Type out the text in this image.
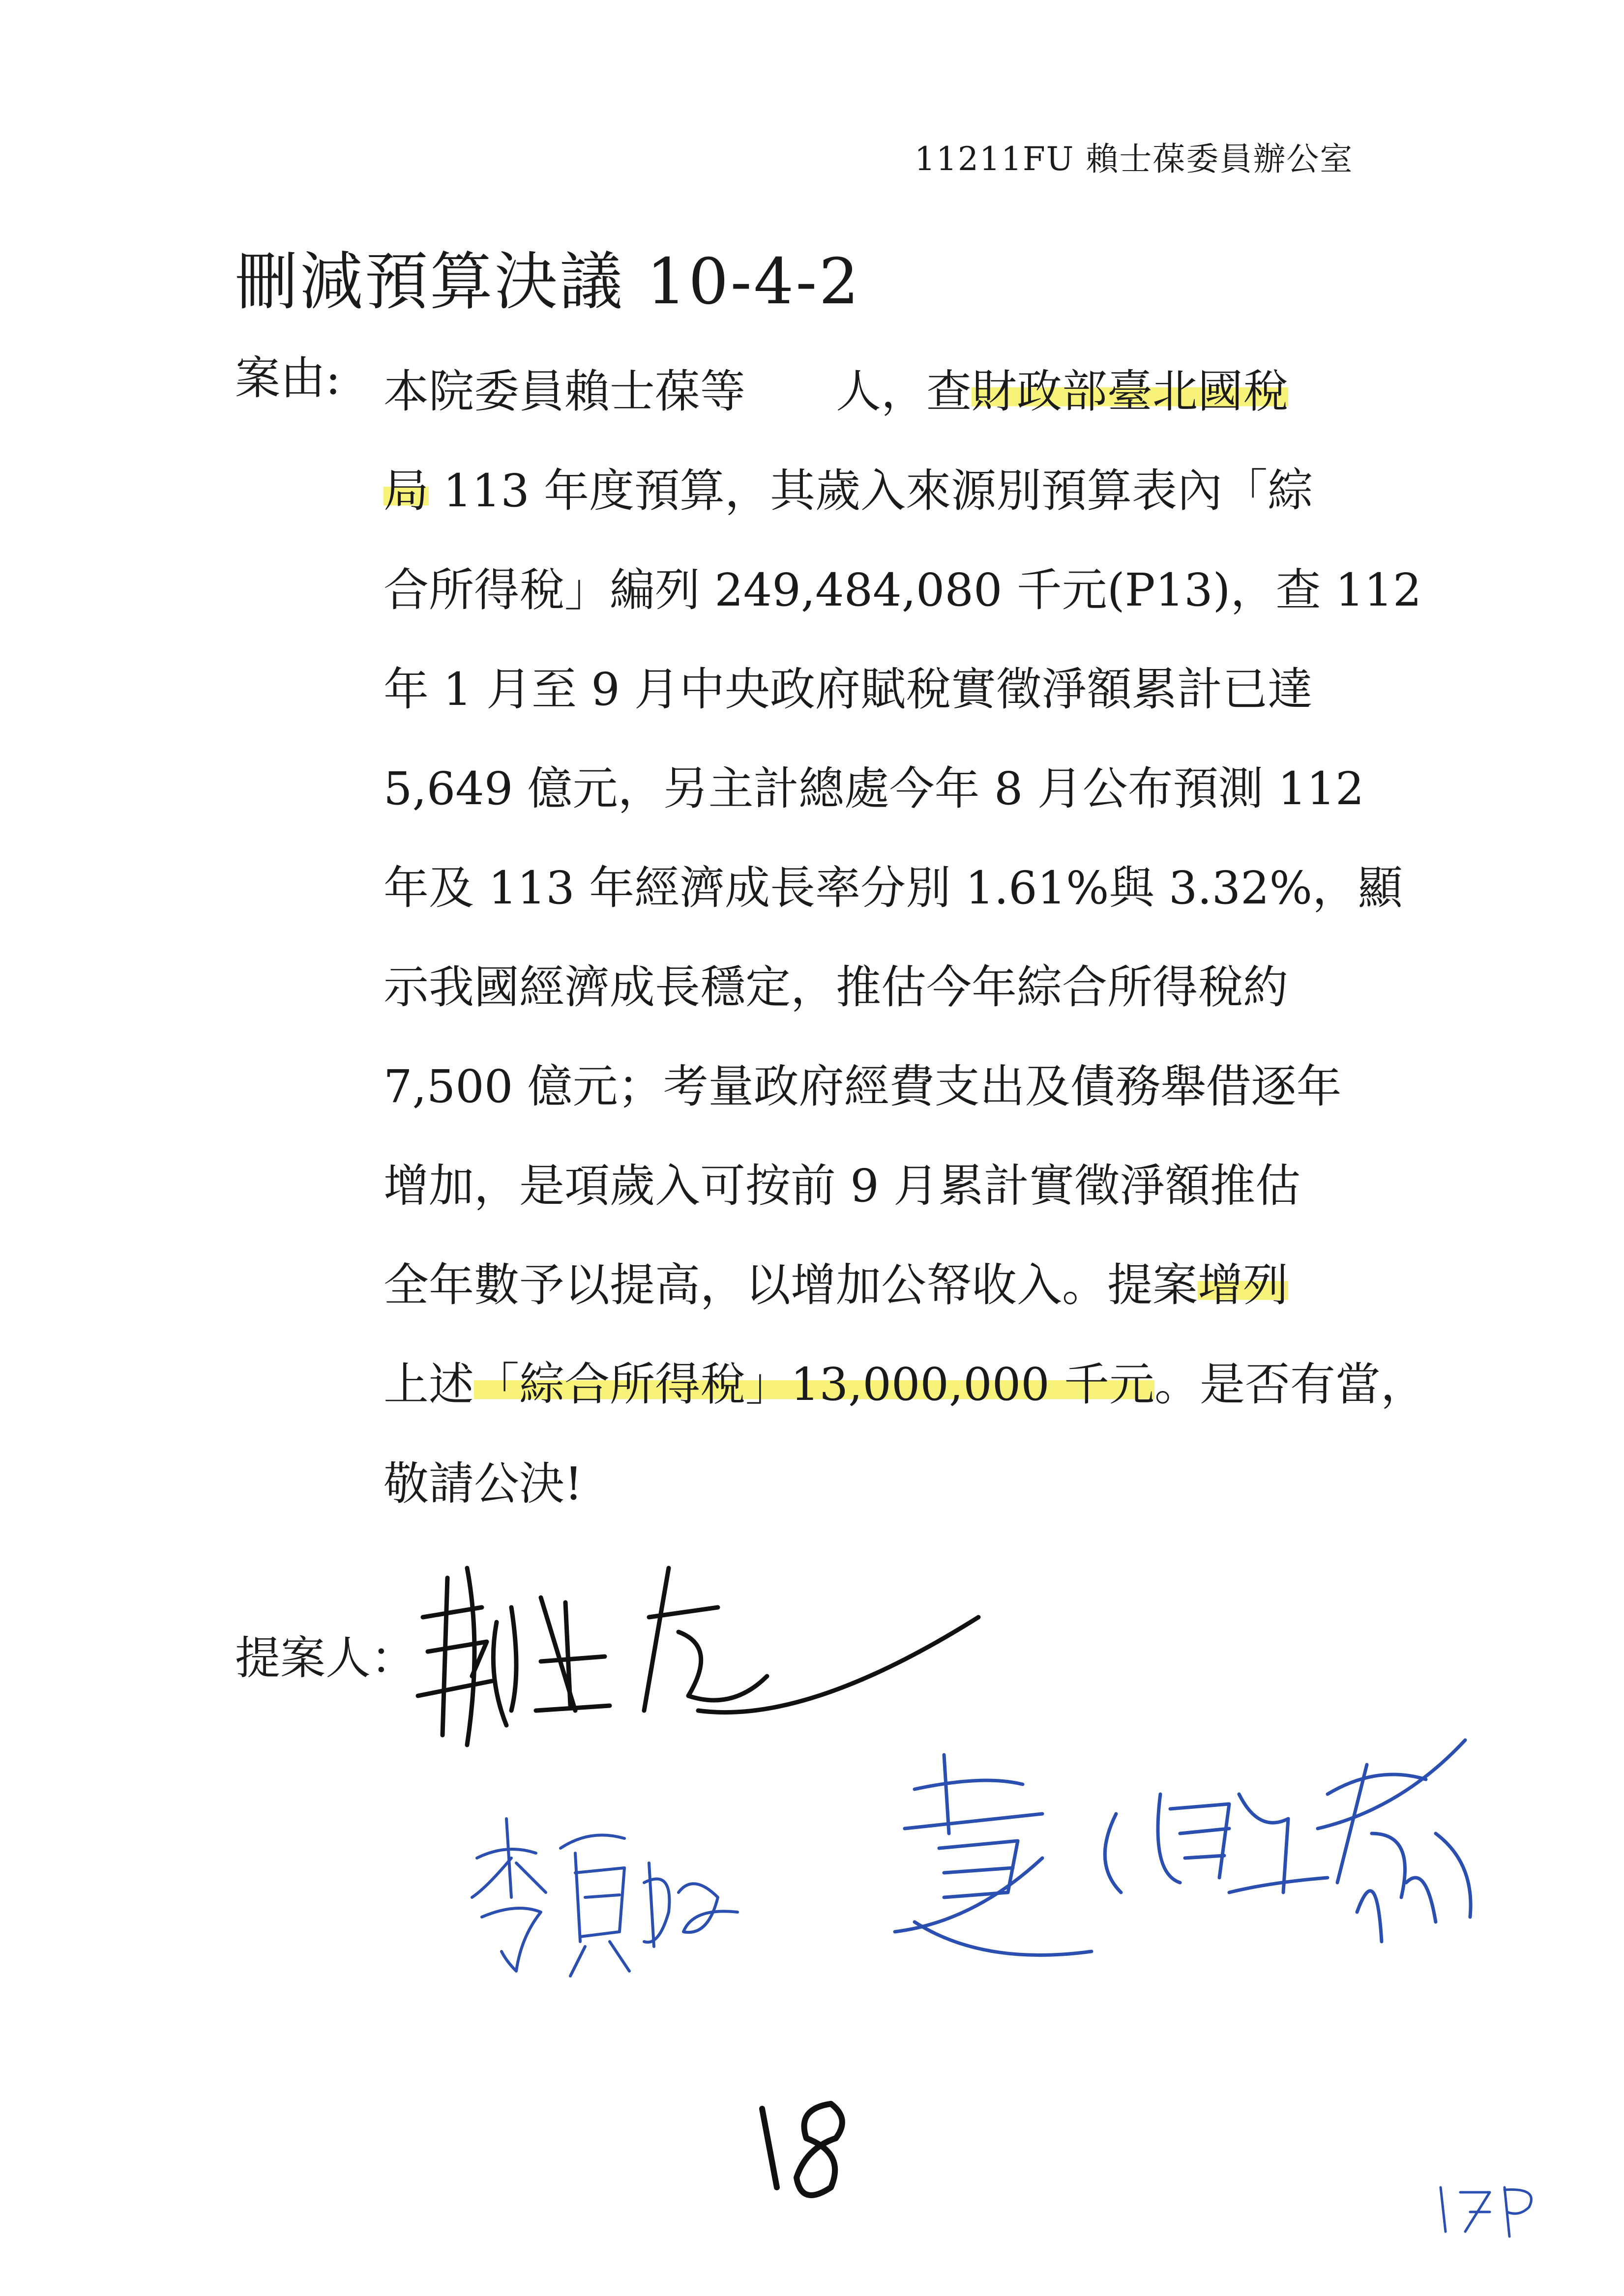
11211FU 賴士葆委員辦公室
刪減預算決議 10-4-2
案由: 本院委員賴士葆等　　人，查財政部臺北國稅
局 113 年度預算，其歲入來源別預算表內「綜
合所得稅」編列 249,484,080 千元(P13)，查 112
年 1 月至 9 月中央政府賦稅實徵淨額累計已達
5,649 億元，另主計總處今年 8 月公布預測 112
年及 113 年經濟成長率分別 1.61%與 3.32%，顯
示我國經濟成長穩定，推估今年綜合所得稅約
7,500 億元；考量政府經費支出及債務舉借逐年
增加，是項歲入可按前 9 月累計實徵淨額推估
全年數予以提高，以增加公帑收入。提案增列
上述「綜合所得稅」13,000,000 千元。是否有當，
敬請公決!
提案人：
